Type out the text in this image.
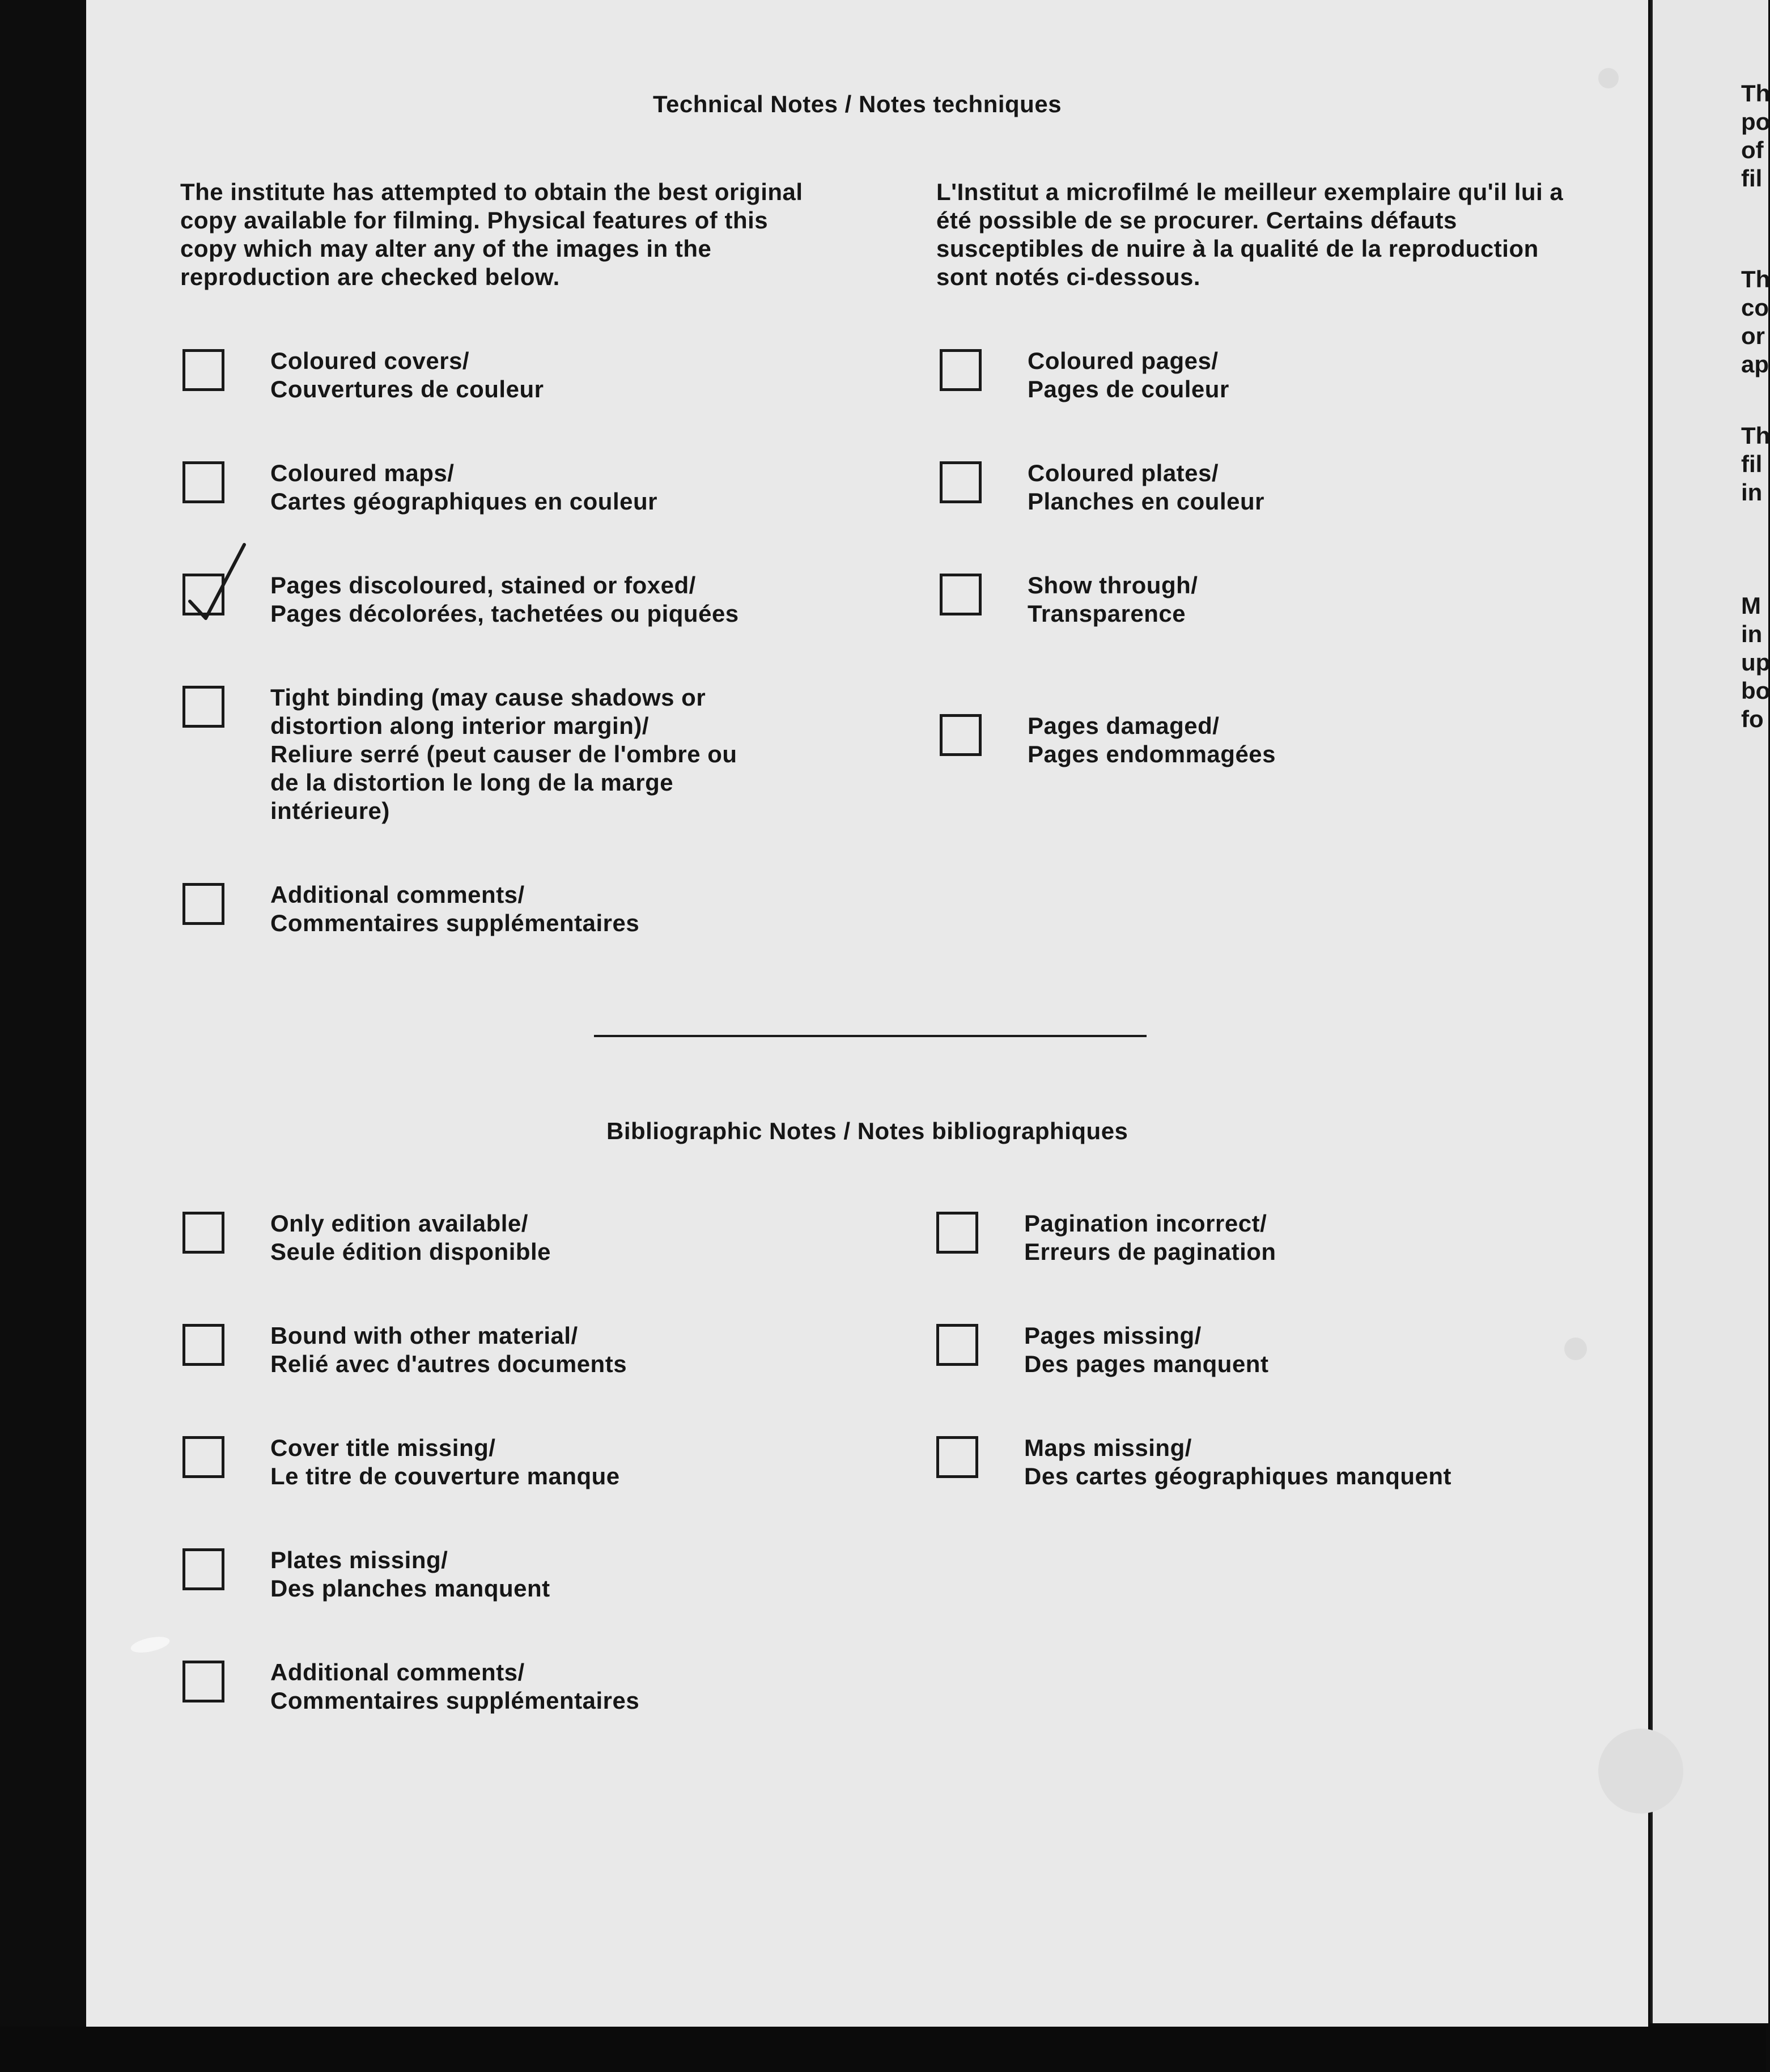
Technical Notes / Notes techniques

The institute has attempted to obtain the best original copy available for filming. Physical features of this copy which may alter any of the images in the reproduction are checked below.

L'Institut a microfilmé le meilleur exemplaire qu'il lui a été possible de se procurer. Certains défauts susceptibles de nuire à la qualité de la reproduction sont notés ci-dessous.

Coloured covers/
Couvertures de couleur
Coloured maps/
Cartes géographiques en couleur
Pages discoloured, stained or foxed/
Pages décolorées, tachetées ou piquées
Tight binding (may cause shadows or
distortion along interior margin)/
Reliure serré (peut causer de l'ombre ou
de la distortion le long de la marge
intérieure)
Additional comments/
Commentaires supplémentaires
Coloured pages/
Pages de couleur
Coloured plates/
Planches en couleur
Show through/
Transparence
Pages damaged/
Pages endommagées
Bibliographic Notes / Notes bibliographiques
Only edition available/
Seule édition disponible
Bound with other material/
Relié avec d'autres documents
Cover title missing/
Le titre de couverture manque
Plates missing/
Des planches manquent
Additional comments/
Commentaires supplémentaires
Pagination incorrect/
Erreurs de pagination
Pages missing/
Des pages manquent
Maps missing/
Des cartes géographiques manquent
Th
po
of
fil
Th
co
or
ap
Th
fil
in
M
in
up
bo
fo
